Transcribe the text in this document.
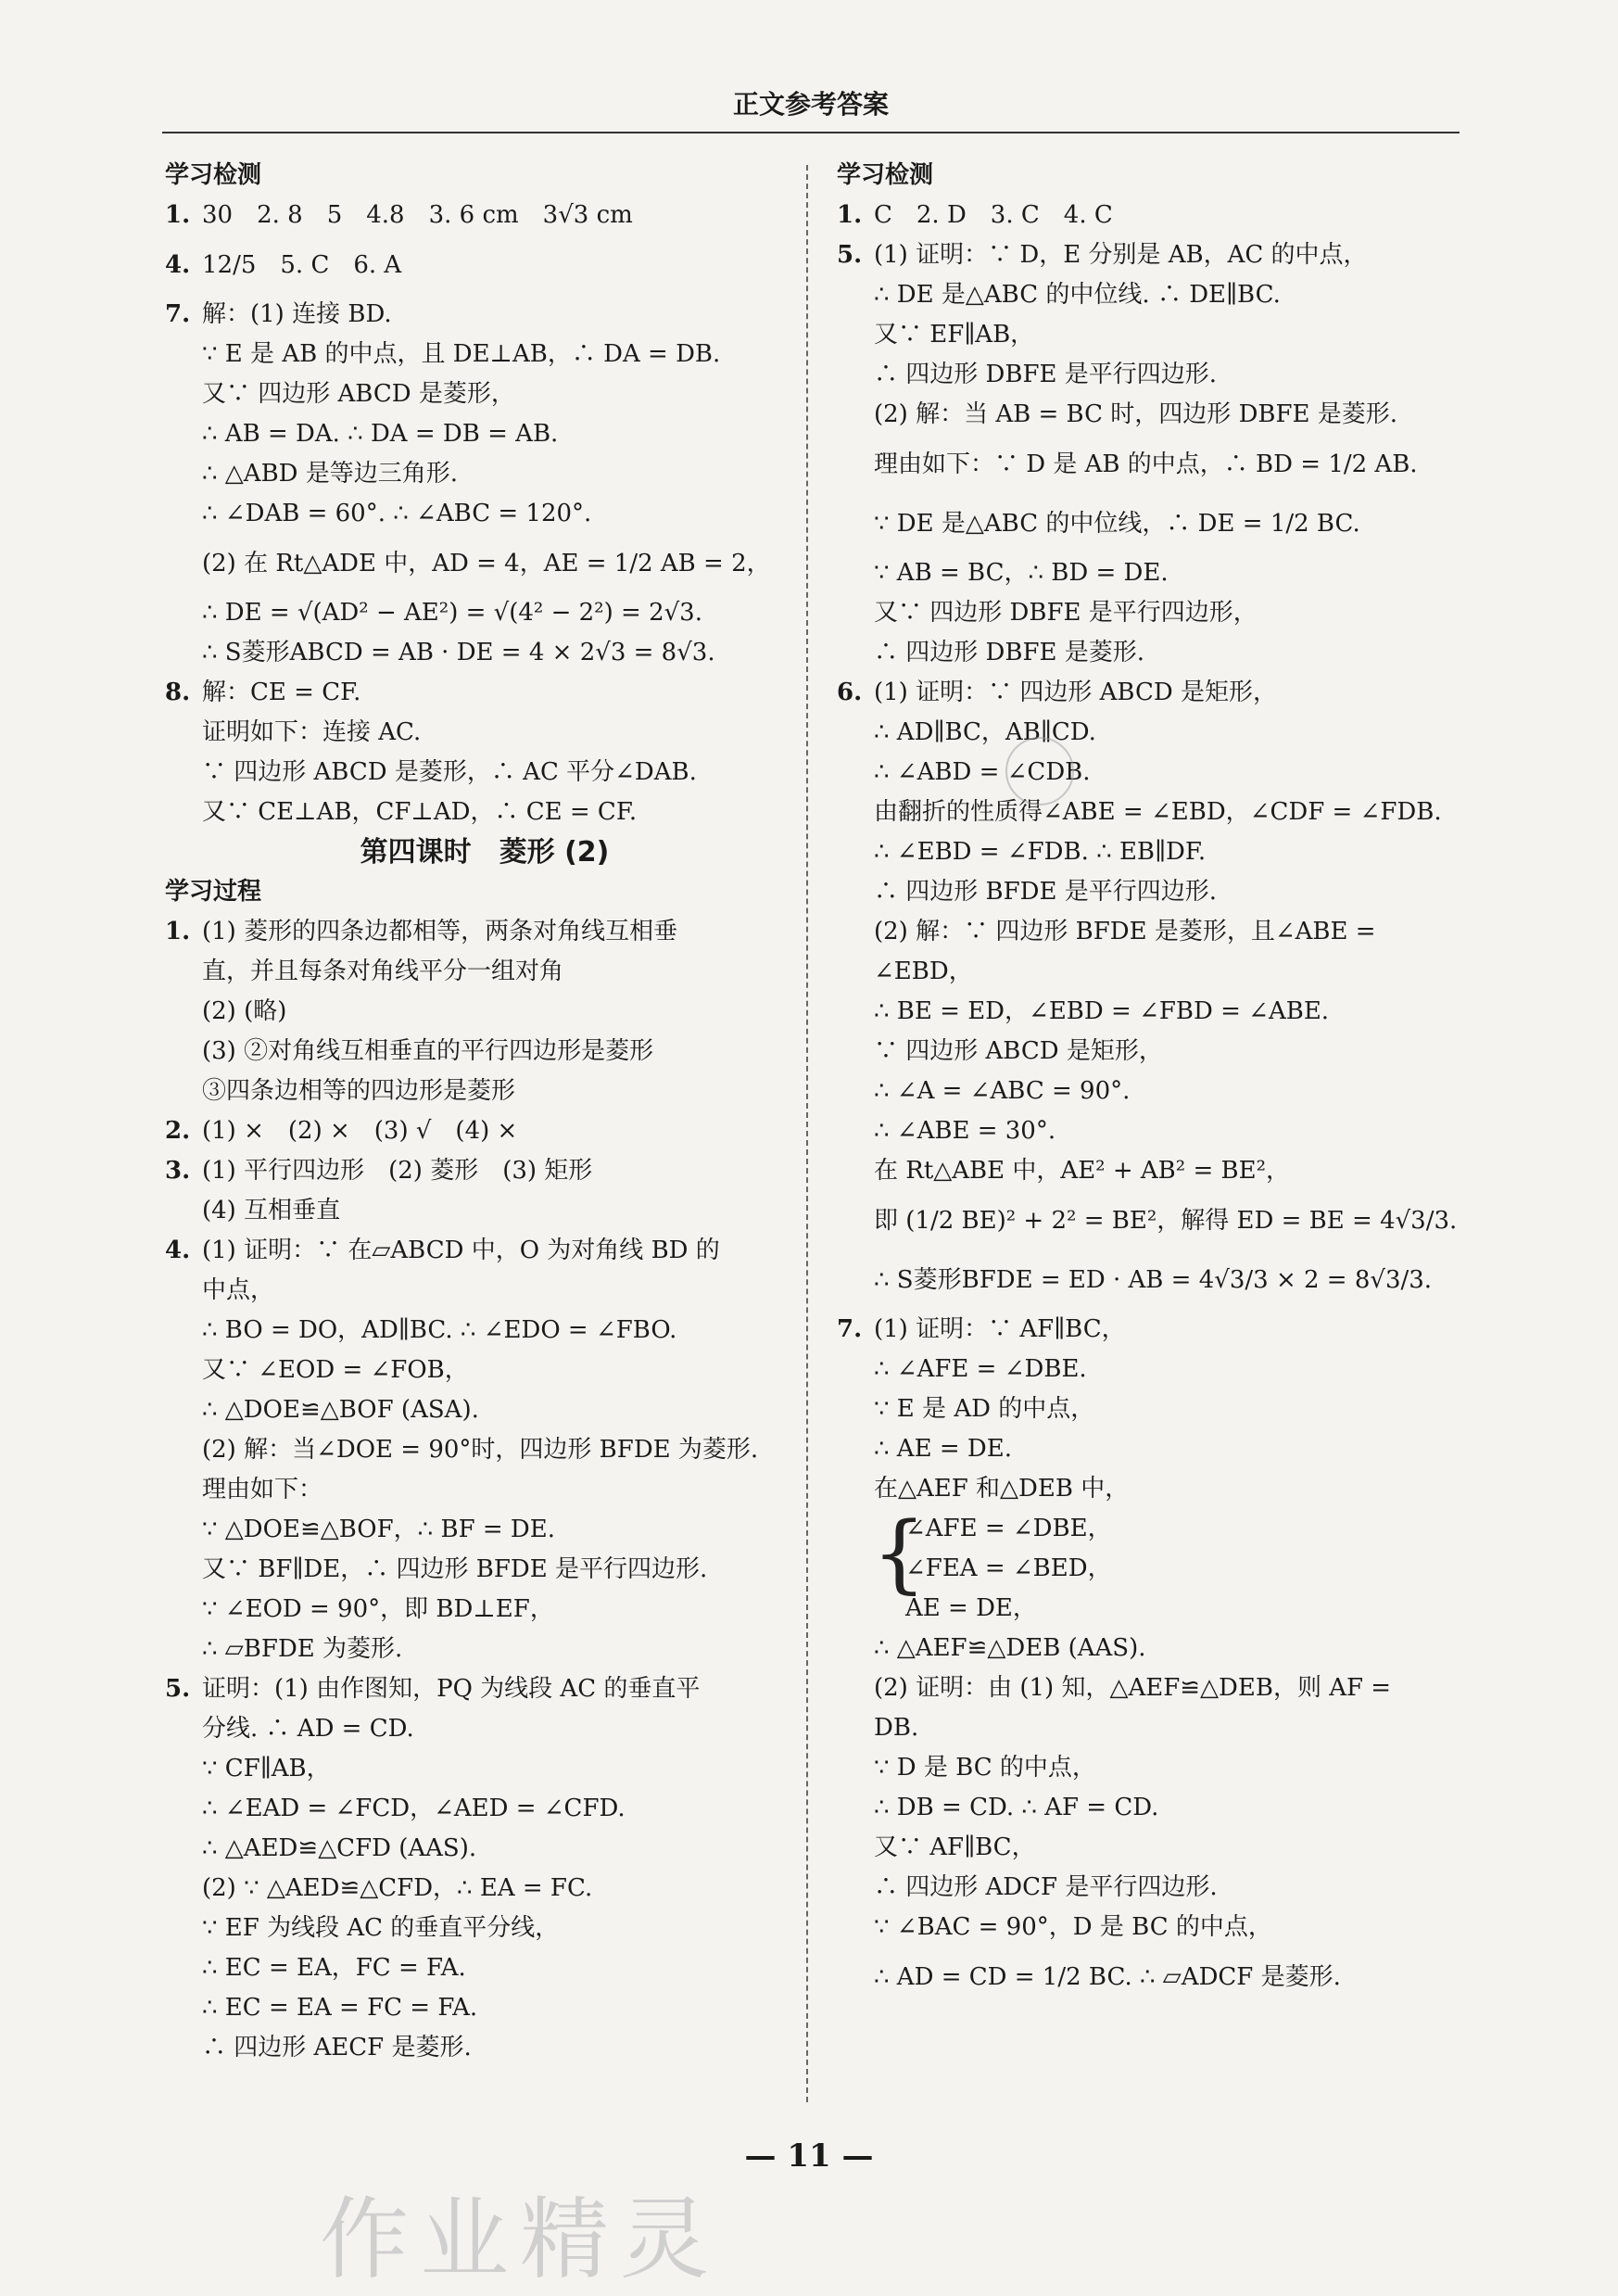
正文参考答案
学习检测
1. 30　2. 8　5　4.8　3. 6 cm　3√3 cm
4. 12/5　5. C　6. A
7. 解：(1) 连接 BD.
∵ E 是 AB 的中点，且 DE⊥AB，∴ DA = DB.
又∵ 四边形 ABCD 是菱形，
∴ AB = DA. ∴ DA = DB = AB.
∴ △ABD 是等边三角形.
∴ ∠DAB = 60°. ∴ ∠ABC = 120°.
(2) 在 Rt△ADE 中，AD = 4，AE = 1/2 AB = 2，
∴ DE = √(AD² − AE²) = √(4² − 2²) = 2√3.
∴ S菱形ABCD = AB · DE = 4 × 2√3 = 8√3.
8. 解：CE = CF.
证明如下：连接 AC.
∵ 四边形 ABCD 是菱形，∴ AC 平分∠DAB.
又∵ CE⊥AB，CF⊥AD，∴ CE = CF.
第四课时　菱形 (2)
学习过程
1. (1) 菱形的四条边都相等，两条对角线互相垂
直，并且每条对角线平分一组对角
(2) (略)
(3) ②对角线互相垂直的平行四边形是菱形
③四条边相等的四边形是菱形
2. (1) ×　(2) ×　(3) √　(4) ×
3. (1) 平行四边形　(2) 菱形　(3) 矩形
(4) 互相垂直
4. (1) 证明：∵ 在▱ABCD 中，O 为对角线 BD 的
中点，
∴ BO = DO，AD∥BC. ∴ ∠EDO = ∠FBO.
又∵ ∠EOD = ∠FOB，
∴ △DOE≌△BOF (ASA).
(2) 解：当∠DOE = 90°时，四边形 BFDE 为菱形.
理由如下：
∵ △DOE≌△BOF，∴ BF = DE.
又∵ BF∥DE，∴ 四边形 BFDE 是平行四边形.
∵ ∠EOD = 90°，即 BD⊥EF，
∴ ▱BFDE 为菱形.
5. 证明：(1) 由作图知，PQ 为线段 AC 的垂直平
分线. ∴ AD = CD.
∵ CF∥AB，
∴ ∠EAD = ∠FCD，∠AED = ∠CFD.
∴ △AED≌△CFD (AAS).
(2) ∵ △AED≌△CFD，∴ EA = FC.
∵ EF 为线段 AC 的垂直平分线，
∴ EC = EA，FC = FA.
∴ EC = EA = FC = FA.
∴ 四边形 AECF 是菱形.
学习检测
1. C　2. D　3. C　4. C
5. (1) 证明：∵ D，E 分别是 AB，AC 的中点，
∴ DE 是△ABC 的中位线. ∴ DE∥BC.
又∵ EF∥AB，
∴ 四边形 DBFE 是平行四边形.
(2) 解：当 AB = BC 时，四边形 DBFE 是菱形.
理由如下：∵ D 是 AB 的中点，∴ BD = 1/2 AB.
∵ DE 是△ABC 的中位线，∴ DE = 1/2 BC.
∵ AB = BC，∴ BD = DE.
又∵ 四边形 DBFE 是平行四边形，
∴ 四边形 DBFE 是菱形.
6. (1) 证明：∵ 四边形 ABCD 是矩形，
∴ AD∥BC，AB∥CD.
∴ ∠ABD = ∠CDB.
由翻折的性质得∠ABE = ∠EBD，∠CDF = ∠FDB.
∴ ∠EBD = ∠FDB. ∴ EB∥DF.
∴ 四边形 BFDE 是平行四边形.
(2) 解：∵ 四边形 BFDE 是菱形，且∠ABE =
∠EBD，
∴ BE = ED，∠EBD = ∠FBD = ∠ABE.
∵ 四边形 ABCD 是矩形，
∴ ∠A = ∠ABC = 90°.
∴ ∠ABE = 30°.
在 Rt△ABE 中，AE² + AB² = BE²，
即 (1/2 BE)² + 2² = BE²，解得 ED = BE = 4√3/3.
∴ S菱形BFDE = ED · AB = 4√3/3 × 2 = 8√3/3.
7. (1) 证明：∵ AF∥BC，
∴ ∠AFE = ∠DBE.
∵ E 是 AD 的中点，
∴ AE = DE.
在△AEF 和△DEB 中，
{
∠AFE = ∠DBE，
∠FEA = ∠BED，
AE = DE，
∴ △AEF≌△DEB (AAS).
(2) 证明：由 (1) 知，△AEF≌△DEB，则 AF =
DB.
∵ D 是 BC 的中点，
∴ DB = CD. ∴ AF = CD.
又∵ AF∥BC，
∴ 四边形 ADCF 是平行四边形.
∵ ∠BAC = 90°，D 是 BC 的中点，
∴ AD = CD = 1/2 BC. ∴ ▱ADCF 是菱形.
作业精灵
— 11 —
